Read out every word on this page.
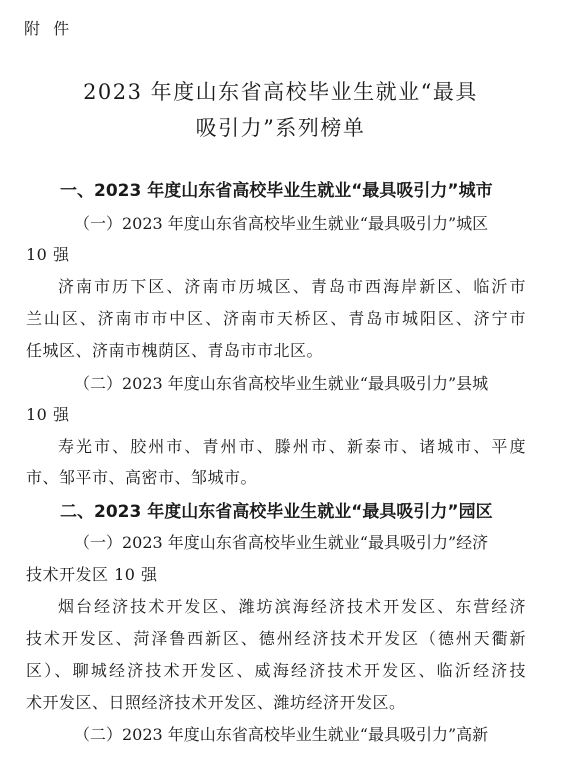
附 件
2023 年度山东省高校毕业生就业“最具
吸引力”系列榜单
一、2023 年度山东省高校毕业生就业“最具吸引力”城市
（一）2023 年度山东省高校毕业生就业“最具吸引力”城区
10 强
济南市历下区、济南市历城区、青岛市西海岸新区、临沂市
兰山区、济南市市中区、济南市天桥区、青岛市城阳区、济宁市
任城区、济南市槐荫区、青岛市市北区。
（二）2023 年度山东省高校毕业生就业“最具吸引力”县城
10 强
寿光市、胶州市、青州市、滕州市、新泰市、诸城市、平度
市、邹平市、高密市、邹城市。
二、2023 年度山东省高校毕业生就业“最具吸引力”园区
（一）2023 年度山东省高校毕业生就业“最具吸引力”经济
技术开发区 10 强
烟台经济技术开发区、潍坊滨海经济技术开发区、东营经济
技术开发区、菏泽鲁西新区、德州经济技术开发区（德州天衢新
区）、聊城经济技术开发区、威海经济技术开发区、临沂经济技
术开发区、日照经济技术开发区、潍坊经济开发区。
（二）2023 年度山东省高校毕业生就业“最具吸引力”高新
